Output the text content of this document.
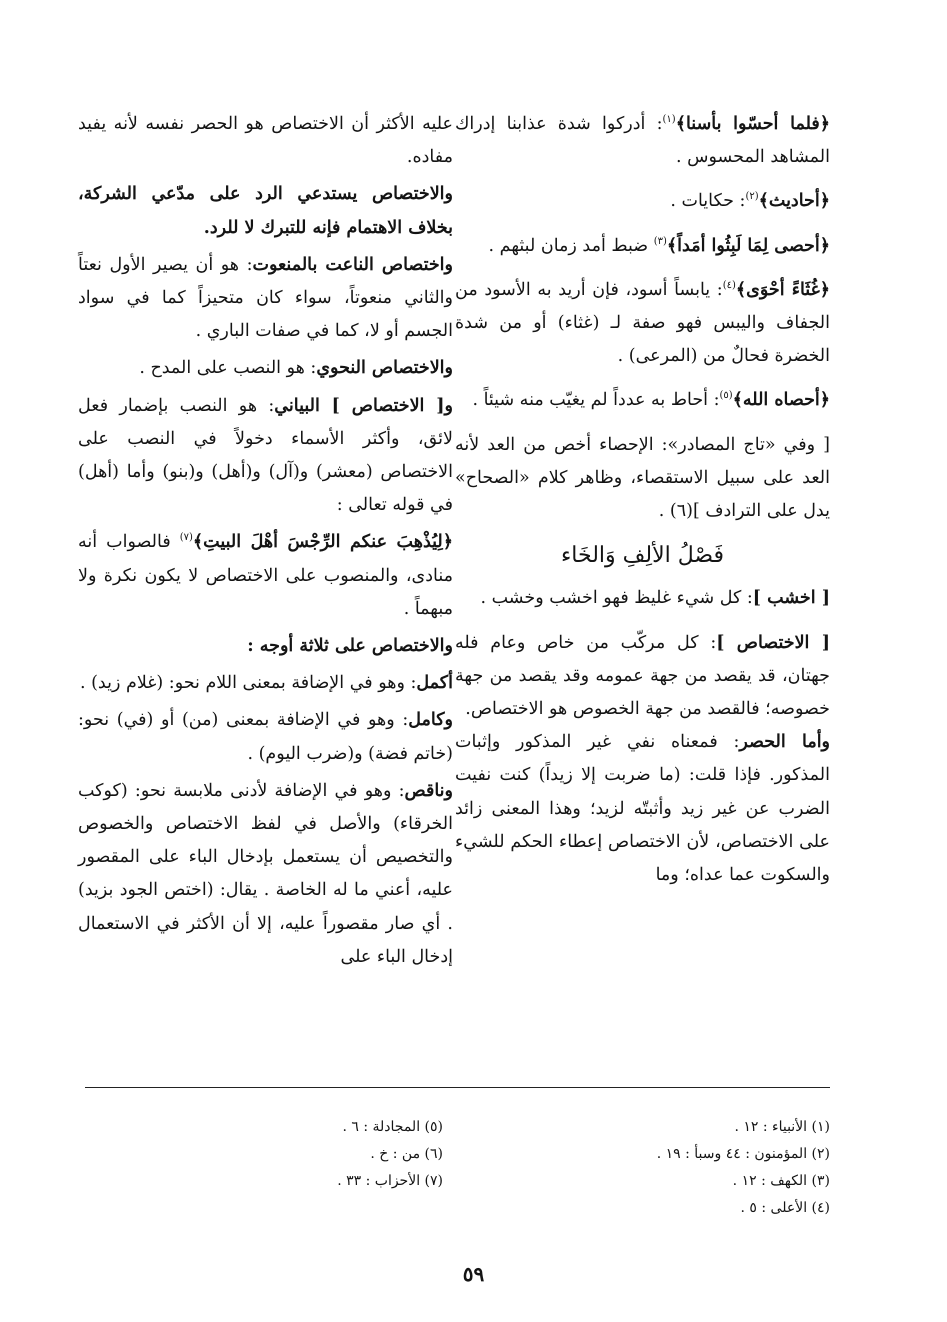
﴿فلما أحسّوا بأسنا﴾$^{(١)}$: أدركوا شدة عذابنا إدراك المشاهد المحسوس .

﴿أحاديث﴾$^{(٢)}$: حكايات .

﴿أحصى لِمَا لَبِثُوا أمَداً﴾$^{(٣)}$ ضبط أمد زمان لبثهم .

﴿غُثَاءً أحْوَى﴾$^{(٤)}$: يابساً أسود، فإن أريد به الأسود من الجفاف واليبس فهو صفة لـ (غثاء) أو من شدة الخضرة فحالٌ من (المرعى) .

﴿أحصاه الله﴾$^{(٥)}$: أحاط به عدداً لم يغيّب منه شيئاً .

[ وفي «تاج المصادر»: الإحصاء أخص من العد لأنه العد على سبيل الاستقصاء، وظاهر كلام «الصحاح» يدل على الترادف ](٦) .

فَصْلُ الألِفِ وَالخَاء

[ اخشب ]: كل شيء غليظ فهو اخشب وخشب .

[ الاختصاص ]: كل مركّب من خاص وعام فله جهتان، قد يقصد من جهة عمومه وقد يقصد من جهة خصوصه؛ فالقصد من جهة الخصوص هو الاختصاص.

وأما الحصر: فمعناه نفي غير المذكور وإثبات المذكور. فإذا قلت: (ما ضربت إلا زيداً) كنت نفيت الضرب عن غير زيد وأثبتّه لزيد؛ وهذا المعنى زائد على الاختصاص، لأن الاختصاص إعطاء الحكم للشيء والسكوت عما عداه؛ وما

عليه الأكثر أن الاختصاص هو الحصر نفسه لأنه يفيد مفاده.

والاختصاص يستدعي الرد على مدّعي الشركة، بخلاف الاهتمام فإنه للتبرك لا للرد.

واختصاص الناعت بالمنعوت: هو أن يصير الأول نعتاً والثاني منعوتاً، سواء كان متحيزاً كما في سواد الجسم أو لا، كما في صفات الباري .

والاختصاص النحوي: هو النصب على المدح .

و[ الاختصاص ] البياني: هو النصب بإضمار فعل لائق، وأكثر الأسماء دخولاً في النصب على الاختصاص (معشر) و(آل) و(أهل) و(بنو) وأما (أهل) في قوله تعالى :

﴿لِيُذْهِبَ عنكم الرِّجْسَ أهْلَ البيتِ﴾$^{(٧)}$ فالصواب أنه منادى، والمنصوب على الاختصاص لا يكون نكرة ولا مبهماً .

والاختصاص على ثلاثة أوجه :

أكمل: وهو في الإضافة بمعنى اللام نحو: (غلام زيد) .

وكامل: وهو في الإضافة بمعنى (من) أو (في) نحو: (خاتم فضة) و(ضرب اليوم) .

وناقص: وهو في الإضافة لأدنى ملابسة نحو: (كوكب الخرقاء) والأصل في لفظ الاختصاص والخصوص والتخصيص أن يستعمل بإدخال الباء على المقصور عليه، أعني ما له الخاصة . يقال: (اختص الجود بزيد) . أي صار مقصوراً عليه، إلا أن الأكثر في الاستعمال إدخال الباء على

(١) الأنبياء : ١٢ .
(٢) المؤمنون : ٤٤ وسبأ : ١٩ .
(٣) الكهف : ١٢ .
(٤) الأعلى : ٥ .
(٥) المجادلة : ٦ .
(٦) من : خ .
(٧) الأحزاب : ٣٣ .
٥٩
